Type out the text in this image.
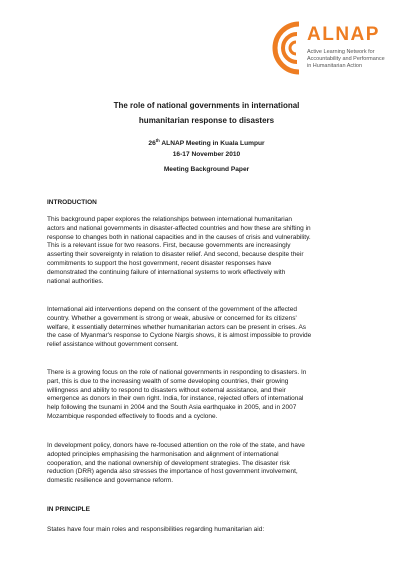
ALNAP
Active Learning Network for
Accountability and Performance
in Humanitarian Action
The role of national governments in international
humanitarian response to disasters
26th ALNAP Meeting in Kuala Lumpur
16-17 November 2010
Meeting Background Paper
INTRODUCTION
This background paper explores the relationships between international humanitarian
actors and national governments in disaster-affected countries and how these are shifting in
response to changes both in national capacities and in the causes of crisis and vulnerability.
This is a relevant issue for two reasons. First, because governments are increasingly
asserting their sovereignty in relation to disaster relief. And second, because despite their
commitments to support the host government, recent disaster responses have
demonstrated the continuing failure of international systems to work effectively with
national authorities.
International aid interventions depend on the consent of the government of the affected
country. Whether a government is strong or weak, abusive or concerned for its citizens'
welfare, it essentially determines whether humanitarian actors can be present in crises. As
the case of Myanmar's response to Cyclone Nargis shows, it is almost impossible to provide
relief assistance without government consent.
There is a growing focus on the role of national governments in responding to disasters. In
part, this is due to the increasing wealth of some developing countries, their growing
willingness and ability to respond to disasters without external assistance, and their
emergence as donors in their own right. India, for instance, rejected offers of international
help following the tsunami in 2004 and the South Asia earthquake in 2005, and in 2007
Mozambique responded effectively to floods and a cyclone.
In development policy, donors have re-focused attention on the role of the state, and have
adopted principles emphasising the harmonisation and alignment of international
cooperation, and the national ownership of development strategies. The disaster risk
reduction (DRR) agenda also stresses the importance of host government involvement,
domestic resilience and governance reform.
IN PRINCIPLE
States have four main roles and responsibilities regarding humanitarian aid:
